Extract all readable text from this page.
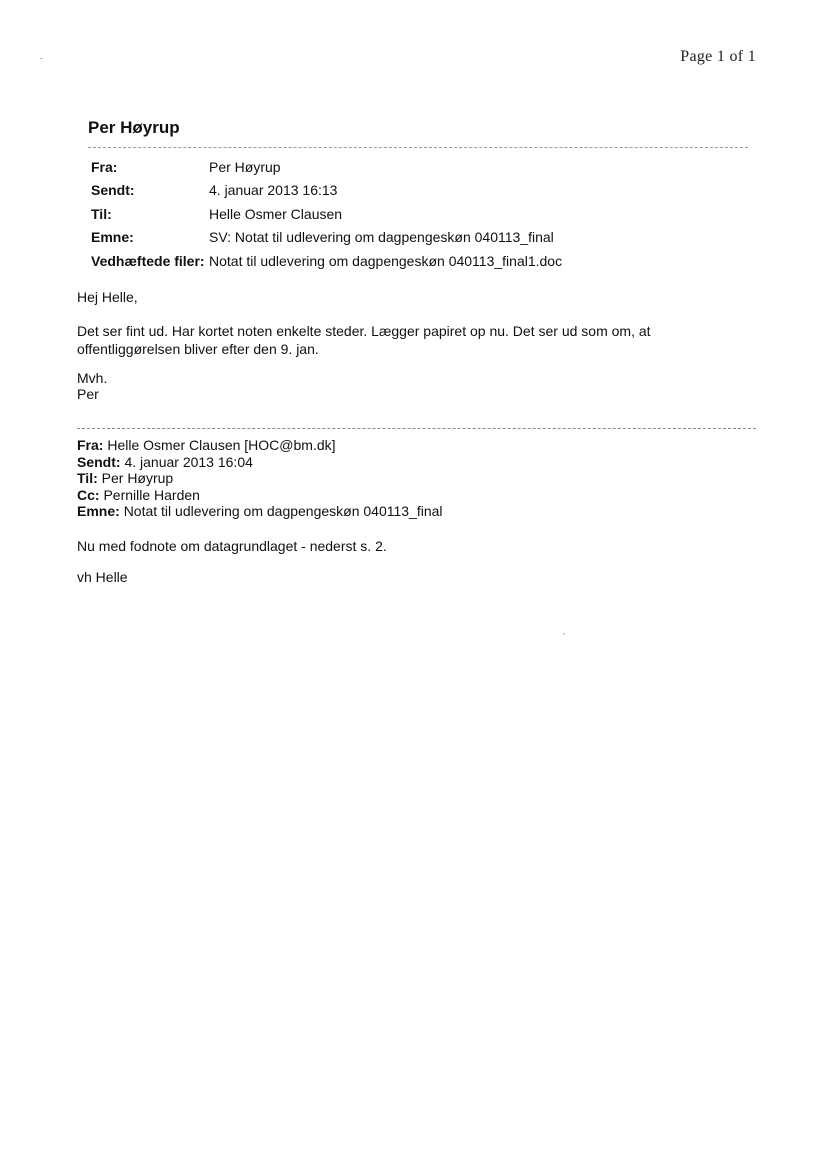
Page 1 of 1
Per Høyrup
Fra:	Per Høyrup
Sendt:	4. januar 2013 16:13
Til:	Helle Osmer Clausen
Emne:	SV: Notat til udlevering om dagpengeskøn 040113_final
Vedhæftede filer:	Notat til udlevering om dagpengeskøn 040113_final1.doc
Hej Helle,
Det ser fint ud. Har kortet noten enkelte steder. Lægger papiret op nu. Det ser ud som om, at
offentliggørelsen bliver efter den 9. jan.
Mvh.
Per
Fra: Helle Osmer Clausen [HOC@bm.dk]
Sendt: 4. januar 2013 16:04
Til: Per Høyrup
Cc: Pernille Harden
Emne: Notat til udlevering om dagpengeskøn 040113_final
Nu med fodnote om datagrundlaget - nederst s. 2.
vh Helle
